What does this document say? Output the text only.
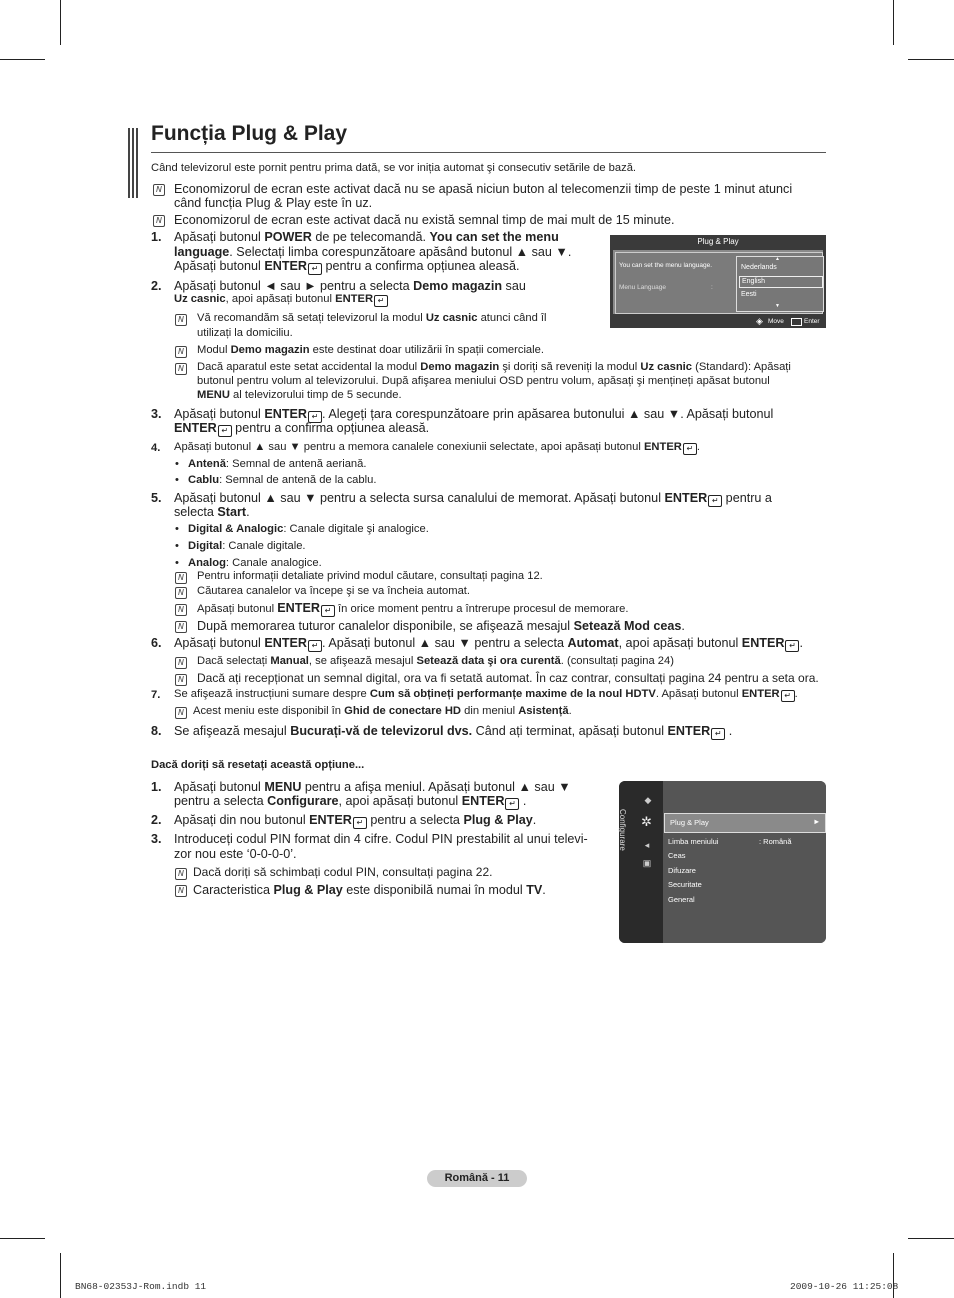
Funcția Plug & Play
Când televizorul este pornit pentru prima dată, se vor iniția automat şi consecutiv setările de bază.
N Economizorul de ecran este activat dacă nu se apasă niciun buton al telecomenzii timp de peste 1 minut atunci
când funcția Plug & Play este în uz.
N Economizorul de ecran este activat dacă nu există semnal timp de mai mult de 15 minute.
1. Apăsați butonul POWER de pe telecomandă. You can set the menu
language. Selectați limba corespunzătoare apăsând butonul ▲ sau ▼.
Apăsați butonul ENTER ↵ pentru a confirma opțiunea aleasă.
2. Apăsați butonul ◄ sau ► pentru a selecta Demo magazin sau
Uz casnic, apoi apăsați butonul ENTER ↵
N Vă recomandăm să setați televizorul la modul Uz casnic atunci când îl
utilizați la domiciliu.
N Modul Demo magazin este destinat doar utilizării în spații comerciale.
N Dacă aparatul este setat accidental la modul Demo magazin şi doriți să reveniți la modul Uz casnic (Standard): Apăsați
butonul pentru volum al televizorului. După afişarea meniului OSD pentru volum, apăsați şi mențineți apăsat butonul
MENU al televizorului timp de 5 secunde.
Plug & Play
You can set the menu language.
Menu Language	:
▲
Nederlands
English
Eesti
▼
◈ Move	Enter
3. Apăsați butonul ENTER ↵ . Alegeți țara corespunzătoare prin apăsarea butonului ▲ sau ▼. Apăsați butonul
ENTER ↵ pentru a confirma opțiunea aleasă.
4. Apăsați butonul ▲ sau ▼ pentru a memora canalele conexiunii selectate, apoi apăsați butonul ENTER ↵ .
• Antenă: Semnal de antenă aeriană.
• Cablu: Semnal de antenă de la cablu.
5. Apăsați butonul ▲ sau ▼ pentru a selecta sursa canalului de memorat. Apăsați butonul ENTER ↵ pentru a
selecta Start.
• Digital & Analogic: Canale digitale şi analogice.
• Digital: Canale digitale.
• Analog: Canale analogice.
N Pentru informații detaliate privind modul căutare, consultați pagina 12.
N Căutarea canalelor va începe şi se va încheia automat.
N Apăsați butonul ENTER ↵ în orice moment pentru a întrerupe procesul de memorare.
N După memorarea tuturor canalelor disponibile, se afişează mesajul Setează Mod ceas.
6. Apăsați butonul ENTER ↵ . Apăsați butonul ▲ sau ▼ pentru a selecta Automat, apoi apăsați butonul ENTER ↵ .
N Dacă selectați Manual, se afişează mesajul Setează data şi ora curentă. (consultați pagina 24)
N Dacă ați recepționat un semnal digital, ora va fi setată automat. În caz contrar, consultați pagina 24 pentru a seta ora.
7. Se afişează instrucțiuni sumare despre Cum să obțineți performanțe maxime de la noul HDTV. Apăsați butonul ENTER ↵ .
N Acest meniu este disponibil în Ghid de conectare HD din meniul Asistență.
8. Se afişează mesajul Bucurați-vă de televizorul dvs. Când ați terminat, apăsați butonul ENTER ↵ .
Dacă doriți să resetați această opțiune...
1. Apăsați butonul MENU pentru a afişa meniul. Apăsați butonul ▲ sau ▼
pentru a selecta Configurare, apoi apăsați butonul ENTER ↵ .
2. Apăsați din nou butonul ENTER ↵ pentru a selecta Plug & Play.
3. Introduceți codul PIN format din 4 cifre. Codul PIN prestabilit al unui televi-
zor nou este ‘0-0-0-0’.
N Dacă doriți să schimbați codul PIN, consultați pagina 22.
N Caracteristica Plug & Play este disponibilă numai în modul TV.
Configurare
◆
✲
◂
▣
Plug & Play	►
Limba meniului	: Română
Ceas
Difuzare
Securitate
General
Română - 11
BN68-02353J-Rom.indb 11	2009-10-26 11:25:08
